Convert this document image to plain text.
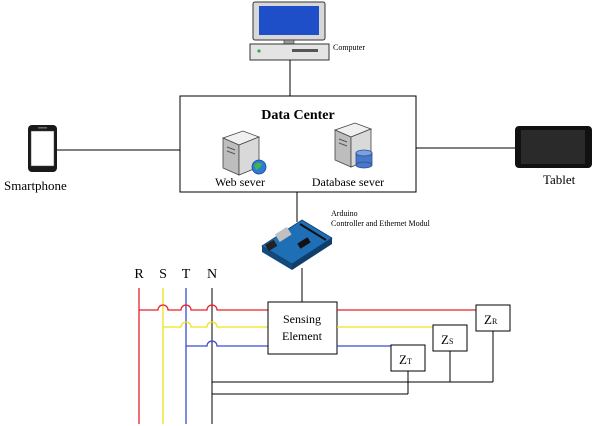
Computer
Data Center
Web sever	Database sever
Smartphone	Tablet
Arduino
Controller and Ethernet Modul
R S T N
Sensing
Element
ZR
ZS
ZT
